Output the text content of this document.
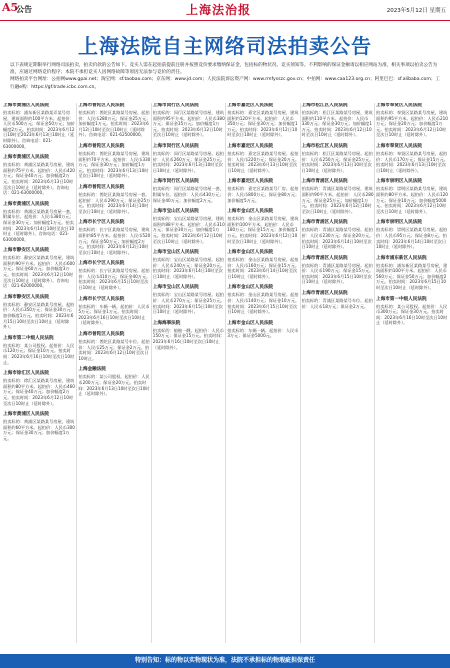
A5
公告	上海法治报	2023年5月12日 星期五
上海法院自主网络司法拍卖公告

以下表规定期限举行网络司法拍卖，拍卖价款的公告如下。竞买人需在起拍前提前注册并按照竞价要求缴纳保证金，包括标的物状况、竞买须知等。不利影响的保证金额请以相应网站为准，相关事项以拍卖公告为准，应通过网络竞价程序；本院不承担竞买人因网络故障等原因无法参与竞价的责任。

网络拍卖平台网址：公拍网www.gpai.net；淘宝网：sf.taobao.com；京东网：www.jd.com；人民法院诉讼资产网：www.rmfysszc.gov.cn；中拍网：www.caa123.org.cn；阿里巴巴：sf.alibaba.com；工行融e购：https://gf.trade.icbc.com.cn。

上海市黄浦区人民法院
拍卖标的：浦东新区某路某弄某号房屋，建筑面积约100平方米。起拍价：人民币500万元；保证金50万元；加价幅度2万元。拍卖时间：2023年6月12日10时至2023年6月13日10时止（延时除外）。咨询电话：021-63000000。
上海市黄浦区人民法院
拍卖标的：黄浦区某路某号房屋，建筑面积约75平方米。起拍价：人民币420万元；保证金40万元；加价幅度2万元。拍卖时间：2023年6月13日10时至次日10时止（延时除外）。咨询电话：021-63000000。
上海市黄浦区人民法院
拍卖标的：黄浦区某路某号房屋一套，附属车位。起拍价：人民币380万元；保证金30万元；加价幅度1万元。拍卖时间：2023年6月14日10时至次日10时止（延时除外）。咨询电话：021-63000000。
上海市静安区人民法院
拍卖标的：静安区某路某号房屋，建筑面积约90平方米。起拍价：人民币600万元；保证金60万元；加价幅度3万元。拍卖时间：2023年6月12日10时至次日10时止（延时除外）。咨询电话：021-62000000。
上海市静安区人民法院
拍卖标的：静安区某路某号房屋。起拍价：人民币350万元；保证金30万元；加价幅度1万元。拍卖时间：2023年6月15日10时至次日10时止（延时除外）。
上海市第二中级人民法院
拍卖标的：某公司股权。起拍价：人民币120万元；保证金10万元。拍卖时间：2023年6月16日10时至次日10时止。
上海市徐汇区人民法院
拍卖标的：徐汇区某路某号房屋，建筑面积约80平方米。起拍价：人民币460万元；保证金40万元；加价幅度2万元。拍卖时间：2023年6月12日10时至次日10时止（延时除外）。
上海市黄浦区人民法院
拍卖标的：黄浦区某路某号房屋，建筑面积约60平方米。起拍价：人民币300万元；保证金30万元；加价幅度1万元。
上海市普陀区人民法院
拍卖标的：普陀区某路某号房屋。起拍价：人民币280万元；保证金25万元；加价幅度1万元。拍卖时间：2023年6月12日10时至次日10时止（延时除外）。咨询电话：021-62500000。
上海市普陀区人民法院
拍卖标的：普陀区某路某号房屋，建筑面积约70平方米。起拍价：人民币330万元；保证金30万元；加价幅度1万元。拍卖时间：2023年6月13日10时至次日10时止（延时除外）。
上海市普陀区人民法院
拍卖标的：普陀区某路某号房屋一套。起拍价：人民币290万元；保证金25万元。拍卖时间：2023年6月14日10时至次日10时止（延时除外）。
上海市长宁区人民法院
拍卖标的：长宁区某路某号房屋，建筑面积约85平方米。起拍价：人民币520万元；保证金50万元；加价幅度2万元。拍卖时间：2023年6月12日10时至次日10时止（延时除外）。
上海市长宁区人民法院
拍卖标的：长宁区某路某号房屋。起拍价：人民币410万元；保证金40万元。拍卖时间：2023年6月15日10时至次日10时止（延时除外）。
上海市长宁区人民法院
拍卖标的：车辆一辆。起拍价：人民币5万元；保证金1万元。拍卖时间：2023年6月16日10时至次日10时止（延时除外）。
上海市普陀区人民法院
拍卖标的：普陀区某路某号车位。起拍价：人民币25万元；保证金2万元。拍卖时间：2023年6月12日10时至次日10时止。
上海金融法院
拍卖标的：某公司股权。起拍价：人民币200万元；保证金20万元。拍卖时间：2023年6月13日10时至次日10时止（延时除外）。
上海市闵行区人民法院
拍卖标的：闵行区某路某号房屋，建筑面积约95平方米。起拍价：人民币380万元；保证金35万元；加价幅度1万元。拍卖时间：2023年6月12日10时至次日10时止（延时除外）。
上海市闵行区人民法院
拍卖标的：闵行区某路某号房屋。起拍价：人民币260万元；保证金25万元。拍卖时间：2023年6月13日10时至次日10时止（延时除外）。
上海市闵行区人民法院
拍卖标的：闵行区某路某号房屋一套，附属车位。起拍价：人民币430万元；保证金40万元；加价幅度2万元。
上海市宝山区人民法院
拍卖标的：宝山区某路某号房屋，建筑面积约88平方米。起拍价：人民币310万元；保证金30万元；加价幅度1万元。拍卖时间：2023年6月12日10时至次日10时止（延时除外）。
上海市宝山区人民法院
拍卖标的：宝山区某路某号房屋。起拍价：人民币240万元；保证金20万元。拍卖时间：2023年6月14日10时至次日10时止（延时除外）。
上海市宝山区人民法院
拍卖标的：宝山区某路某号房屋。起拍价：人民币270万元；保证金25万元。拍卖时间：2023年6月15日10时至次日10时止（延时除外）。
上海海事法院
拍卖标的：船舶一艘。起拍价：人民币150万元；保证金15万元。拍卖时间：2023年6月16日10时至次日10时止（延时除外）。
上海市嘉定区人民法院
拍卖标的：嘉定区某路某号房屋，建筑面积约120平方米。起拍价：人民币350万元；保证金30万元；加价幅度1万元。拍卖时间：2023年6月12日10时至次日10时止（延时除外）。
上海市嘉定区人民法院
拍卖标的：嘉定区某路某号房屋。起拍价：人民币220万元；保证金20万元。拍卖时间：2023年6月13日10时至次日10时止（延时除外）。
上海市嘉定区人民法院
拍卖标的：嘉定区某路某号厂房。起拍价：人民币800万元；保证金80万元；加价幅度5万元。
上海市金山区人民法院
拍卖标的：金山区某路某号房屋，建筑面积约100平方米。起拍价：人民币180万元；保证金15万元；加价幅度1万元。拍卖时间：2023年6月12日10时至次日10时止（延时除外）。
上海市金山区人民法院
拍卖标的：金山区某路某号房屋。起拍价：人民币160万元；保证金15万元。拍卖时间：2023年6月14日10时至次日10时止（延时除外）。
上海市金山区人民法院
拍卖标的：金山区某路某号房屋。起拍价：人民币140万元；保证金10万元。拍卖时间：2023年6月15日10时至次日10时止（延时除外）。
上海市金山区人民法院
拍卖标的：车辆一辆。起拍价：人民币3万元；保证金5000元。
上海市松江区人民法院
拍卖标的：松江区某路某号房屋，建筑面积约110平方米。起拍价：人民币330万元；保证金30万元；加价幅度1万元。拍卖时间：2023年6月12日10时至次日10时止（延时除外）。
上海市松江区人民法院
拍卖标的：松江区某路某号房屋。起拍价：人民币250万元；保证金25万元。拍卖时间：2023年6月13日10时至次日10时止（延时除外）。
上海市青浦区人民法院
拍卖标的：青浦区某路某号房屋，建筑面积约90平方米。起拍价：人民币280万元；保证金25万元；加价幅度1万元。拍卖时间：2023年6月12日10时至次日10时止（延时除外）。
上海市青浦区人民法院
拍卖标的：青浦区某路某号房屋。起拍价：人民币230万元；保证金20万元。拍卖时间：2023年6月14日10时至次日10时止（延时除外）。
上海市青浦区人民法院
拍卖标的：青浦区某路某号房屋。起拍价：人民币190万元；保证金15万元。拍卖时间：2023年6月15日10时至次日10时止（延时除外）。
上海市青浦区人民法院
拍卖标的：青浦区某路某号车位。起拍价：人民币18万元；保证金2万元。
上海市奉贤区人民法院
拍卖标的：奉贤区某路某号房屋，建筑面积约95平方米。起拍价：人民币210万元；保证金20万元；加价幅度1万元。拍卖时间：2023年6月12日10时至次日10时止（延时除外）。
上海市奉贤区人民法院
拍卖标的：奉贤区某路某号房屋。起拍价：人民币170万元；保证金15万元。拍卖时间：2023年6月13日10时至次日10时止（延时除外）。
上海市崇明区人民法院
拍卖标的：崇明区某路某号房屋，建筑面积约80平方米。起拍价：人民币120万元；保证金10万元；加价幅度5000元。拍卖时间：2023年6月12日10时至次日10时止（延时除外）。
上海市崇明区人民法院
拍卖标的：崇明区某路某号房屋。起拍价：人民币95万元；保证金8万元。拍卖时间：2023年6月14日10时至次日10时止（延时除外）。
上海市浦东新区人民法院
拍卖标的：浦东新区某路某号房屋，建筑面积约100平方米。起拍价：人民币560万元；保证金50万元；加价幅度2万元。拍卖时间：2023年6月15日10时至次日10时止（延时除外）。
上海市第一中级人民法院
拍卖标的：某公司股权。起拍价：人民币300万元；保证金30万元。拍卖时间：2023年6月16日10时至次日10时止（延时除外）。
特别告知：标的物以实物现状为准，法院不承担标的物瑕疵担保责任
